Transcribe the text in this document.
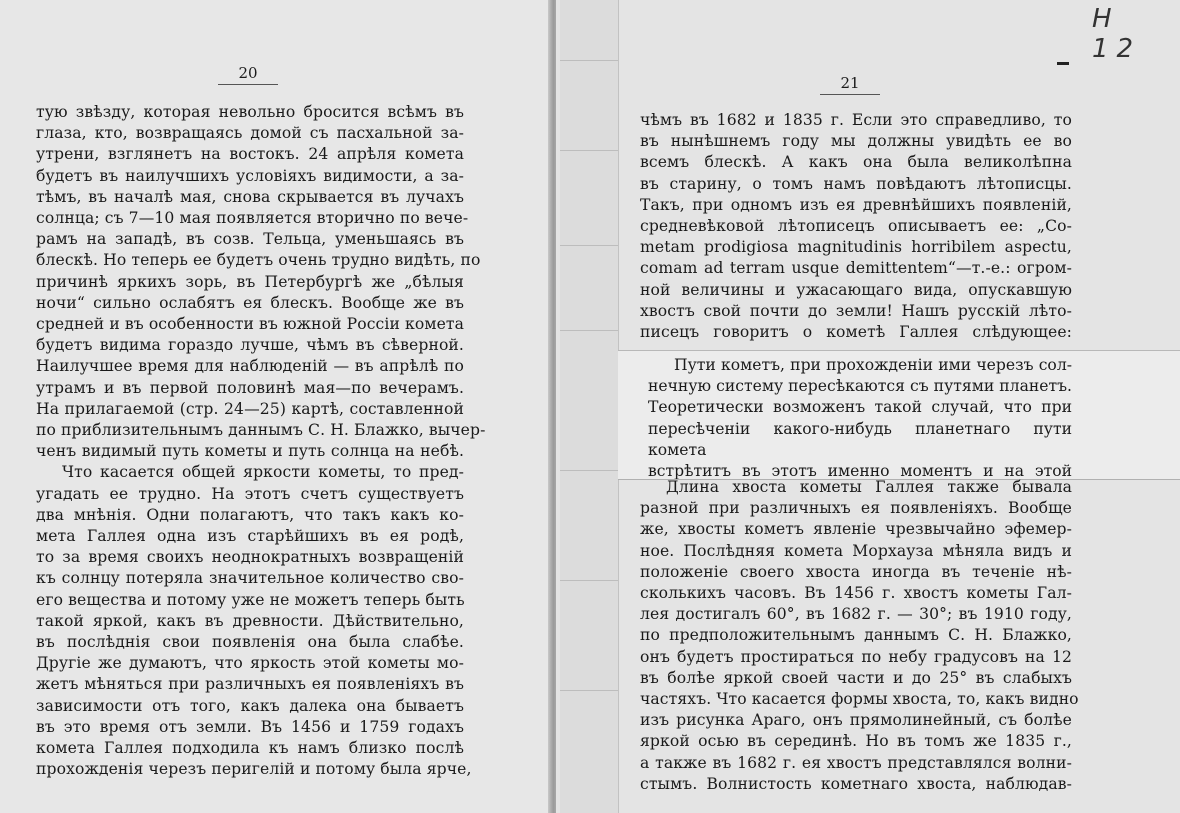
20
тую звѣзду, которая невольно бросится всѣмъ въ
глаза, кто, возвращаясь домой съ пасхальной за-
утрени, взглянетъ на востокъ. 24 апрѣля комета
будетъ въ наилучшихъ условiяхъ видимости, а за-
тѣмъ, въ началѣ мая, снова скрывается въ лучахъ
солнца; съ 7—10 мая появляется вторично по вече-
рамъ на западѣ, въ созв. Тельца, уменьшаясь въ
блескѣ. Но теперь ее будетъ очень трудно видѣть, по
причинѣ яркихъ зорь, въ Петербургѣ же „бѣлыя
ночи“ сильно ослабятъ ея блескъ. Вообще же въ
средней и въ особенности въ южной Россiи комета
будетъ видима гораздо лучше, чѣмъ въ сѣверной.
Наилучшее время для наблюденiй — въ апрѣлѣ по
утрамъ и въ первой половинѣ мая—по вечерамъ.
На прилагаемой (стр. 24—25) картѣ, составленной
по приблизительнымъ даннымъ С. Н. Блажко, вычер-
ченъ видимый путь кометы и путь солнца на небѣ.
Что касается общей яркости кометы, то пред-
угадать ее трудно. На этотъ счетъ существуетъ
два мнѣнiя. Одни полагаютъ, что такъ какъ ко-
мета Галлея одна изъ старѣйшихъ въ ея родѣ,
то за время своихъ неоднократныхъ возвращенiй
къ солнцу потеряла значительное количество сво-
его вещества и потому уже не можетъ теперь быть
такой яркой, какъ въ древности. Дѣйствительно,
въ послѣднiя свои появленiя она была слабѣе.
Другiе же думаютъ, что яркость этой кометы мо-
жетъ мѣняться при различныхъ ея появленiяхъ въ
зависимости отъ того, какъ далека она бываетъ
въ это время отъ земли. Въ 1456 и 1759 годахъ
комета Галлея подходила къ намъ близко послѣ
прохожденiя черезъ перигелiй и потому была ярче,
Н 12
21
чѣмъ въ 1682 и 1835 г. Если это справедливо, то
въ нынѣшнемъ году мы должны увидѣть ее во
всемъ блескѣ. А какъ она была великолѣпна
въ старину, о томъ намъ повѣдаютъ лѣтописцы.
Такъ, при одномъ изъ ея древнѣйшихъ появленiй,
средневѣковой лѣтописецъ описываетъ ее: „Co-
metam prodigiosa magnitudinis horribilem aspectu,
comam ad terram usque demittentem“—т.-е.: огром-
ной величины и ужасающаго вида, опускавшую
хвостъ свой почти до земли! Нашъ русскiй лѣто-
писецъ говоритъ о кометѣ Галлея слѣдующее:
Пути кометъ, при прохожденiи ими черезъ сол-
нечную систему пересѣкаются съ путями планетъ.
Теоретически возможенъ такой случай, что при
пересѣченiи какого-нибудь планетнаго пути комета
встрѣтитъ въ этотъ именно моментъ и на этой
Длина хвоста кометы Галлея также бывала
разной при различныхъ ея появленiяхъ. Вообще
же, хвосты кометъ явленiе чрезвычайно эфемер-
ное. Послѣдняя комета Морхауза мѣняла видъ и
положенiе своего хвоста иногда въ теченiе нѣ-
сколькихъ часовъ. Въ 1456 г. хвостъ кометы Гал-
лея достигалъ 60°, въ 1682 г. — 30°; въ 1910 году,
по предположительнымъ даннымъ С. Н. Блажко,
онъ будетъ простираться по небу градусовъ на 12
въ болѣе яркой своей части и до 25° въ слабыхъ
частяхъ. Что касается формы хвоста, то, какъ видно
изъ рисунка Араго, онъ прямолинейный, съ болѣе
яркой осью въ серединѣ. Но въ томъ же 1835 г.,
а также въ 1682 г. ея хвостъ представлялся волни-
стымъ. Волнистость кометнаго хвоста, наблюдав-
